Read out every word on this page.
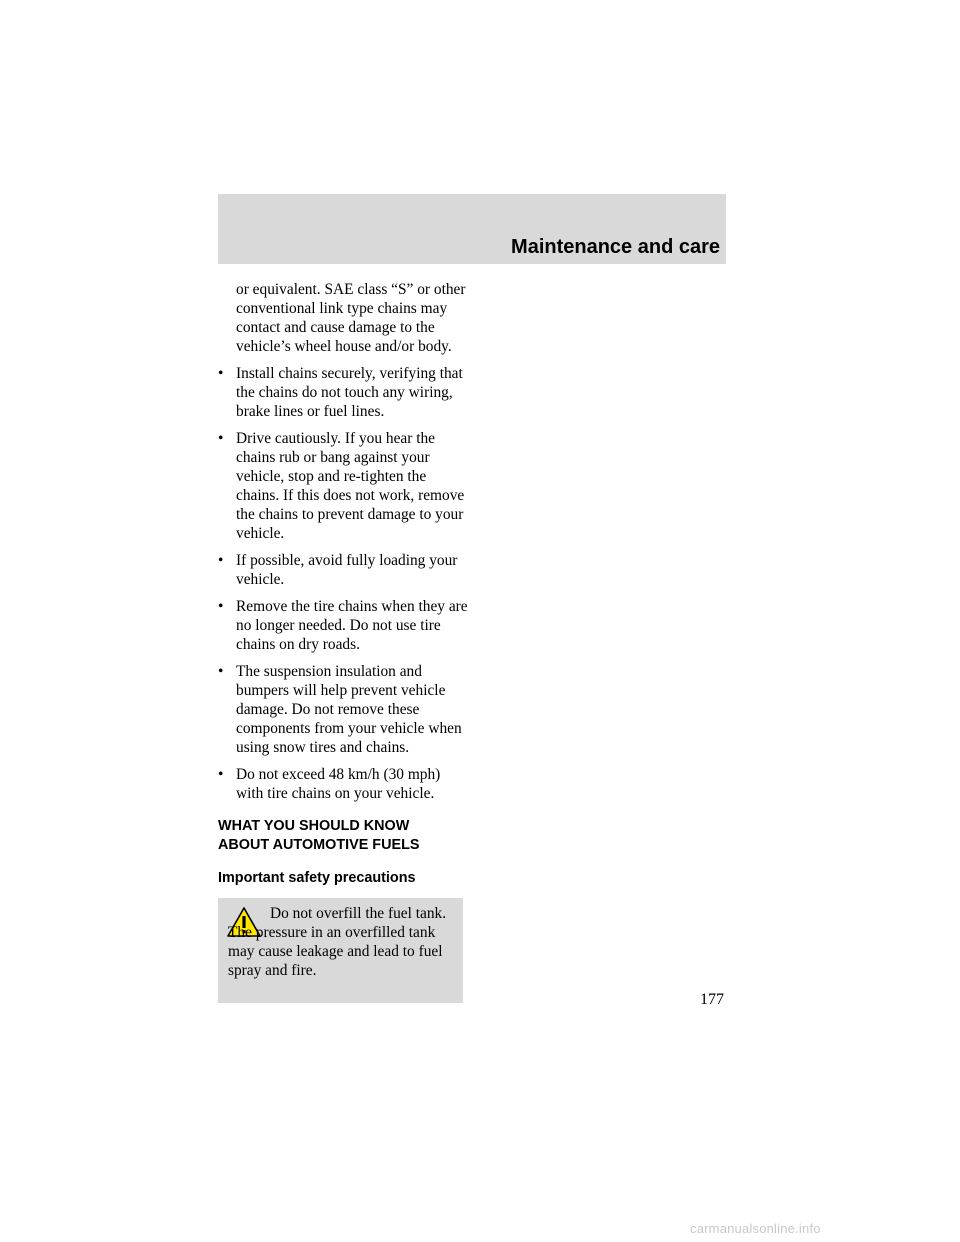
Maintenance and care

or equivalent. SAE class “S” or other conventional link type chains may contact and cause damage to the vehicle’s wheel house and/or body.

• Install chains securely, verifying that the chains do not touch any wiring, brake lines or fuel lines.
• Drive cautiously. If you hear the chains rub or bang against your vehicle, stop and re-tighten the chains. If this does not work, remove the chains to prevent damage to your vehicle.
• If possible, avoid fully loading your vehicle.
• Remove the tire chains when they are no longer needed. Do not use tire chains on dry roads.
• The suspension insulation and bumpers will help prevent vehicle damage. Do not remove these components from your vehicle when using snow tires and chains.
• Do not exceed 48 km/h (30 mph) with tire chains on your vehicle.
WHAT YOU SHOULD KNOW ABOUT AUTOMOTIVE FUELS
Important safety precautions
Do not overfill the fuel tank. The pressure in an overfilled tank may cause leakage and lead to fuel spray and fire.
177
carmanualsonline.info
